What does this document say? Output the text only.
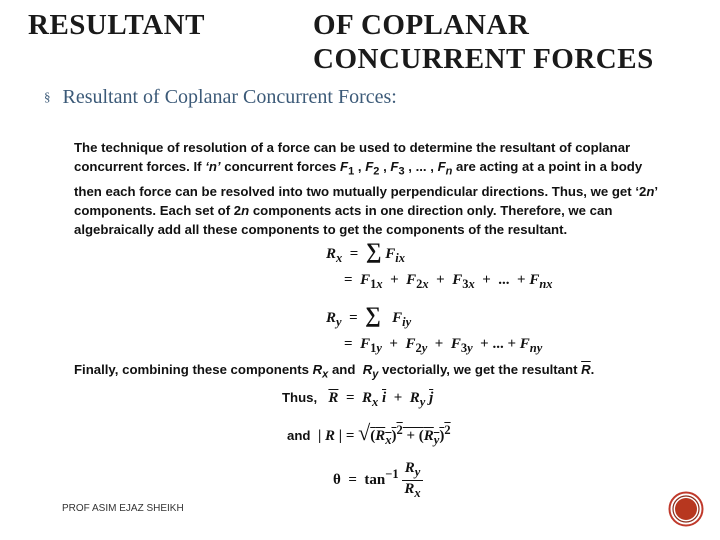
RESULTANT	OF COPLANAR CONCURRENT FORCES
§ Resultant of Coplanar Concurrent Forces:
The technique of resolution of a force can be used to determine the resultant of coplanar concurrent forces. If ‘n’ concurrent forces $F_1$ , $F_2$ , $F_3$ , ... , $F_n$ are acting at a point in a body then each force can be resolved into two mutually perpendicular directions. Thus, we get ‘2n’ components. Each set of 2n components acts in one direction only. Therefore, we can algebraically add all these components to get the components of the resultant.
$R_x$  =  ∑ $F_{ix}$
=  $F_{1x} + F_{2x} + F_{3x}$  +  ...  + $F_{nx}$
$R_y$  =  ∑ $F_{iy}$
=  $F_{1y} + F_{2y} + F_{3y}$  + ... + $F_{ny}$
Finally, combining these components $R_x$ and  $R_y$ vectorially, we get the resultant $\overline{R}$.
Thus, $\overline{R} = R_x$ $\overline{i} + R_y$ $\overline{j}$
and  | R | = $√(R_x)^2 + (R_y)^2$
$\theta = \tan^{-1} \frac{R_y}{R_x}$
PROF ASIM EJAZ SHEIKH
